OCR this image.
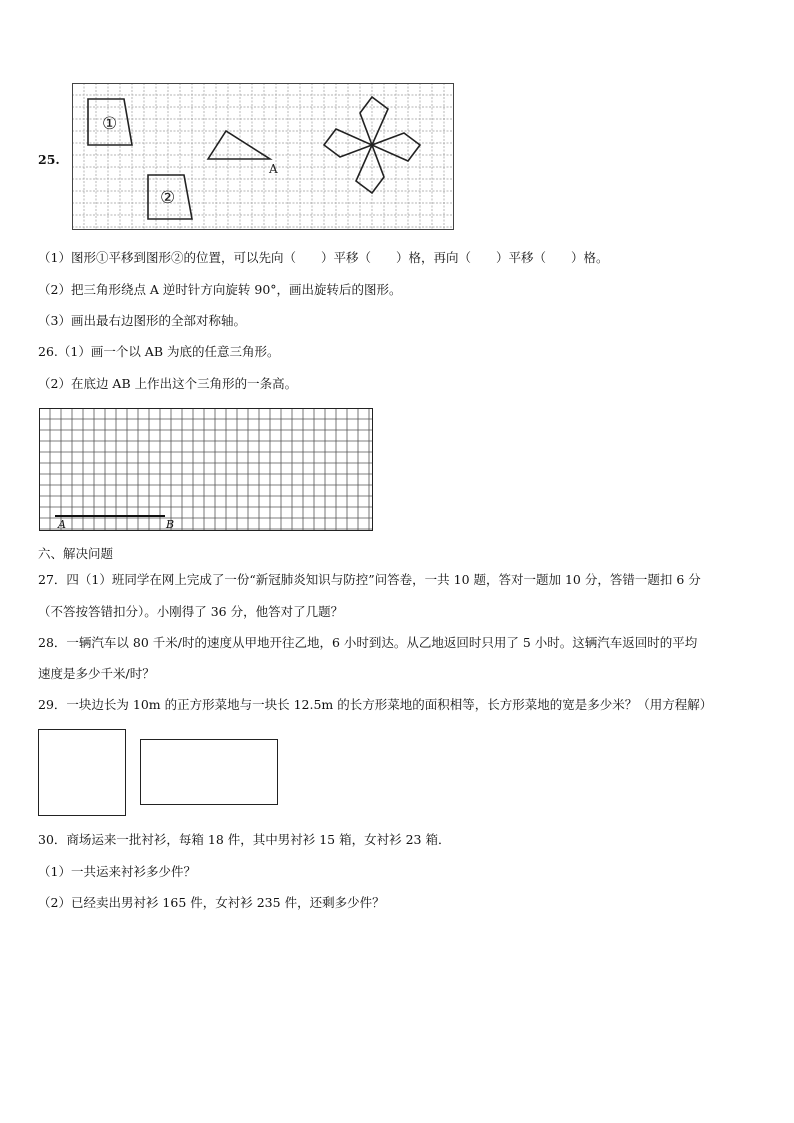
25.
①
②
A
（1）图形①平移到图形②的位置，可以先向（　　）平移（　　）格，再向（　　）平移（　　）格。
（2）把三角形绕点 A 逆时针方向旋转 90°，画出旋转后的图形。
（3）画出最右边图形的全部对称轴。
26.（1）画一个以 AB 为底的任意三角形。
（2）在底边 AB 上作出这个三角形的一条高。
A	B
六、解决问题
27．四（1）班同学在网上完成了一份“新冠肺炎知识与防控”问答卷，一共 10 题，答对一题加 10 分，答错一题扣 6 分
（不答按答错扣分）。小刚得了 36 分，他答对了几题？
28．一辆汽车以 80 千米/时的速度从甲地开往乙地，6 小时到达。从乙地返回时只用了 5 小时。这辆汽车返回时的平均
速度是多少千米/时？
29．一块边长为 10m 的正方形菜地与一块长 12.5m 的长方形菜地的面积相等，长方形菜地的宽是多少米？（用方程解）
30．商场运来一批衬衫，每箱 18 件，其中男衬衫 15 箱，女衬衫 23 箱．
（1）一共运来衬衫多少件？
（2）已经卖出男衬衫 165 件，女衬衫 235 件，还剩多少件？
